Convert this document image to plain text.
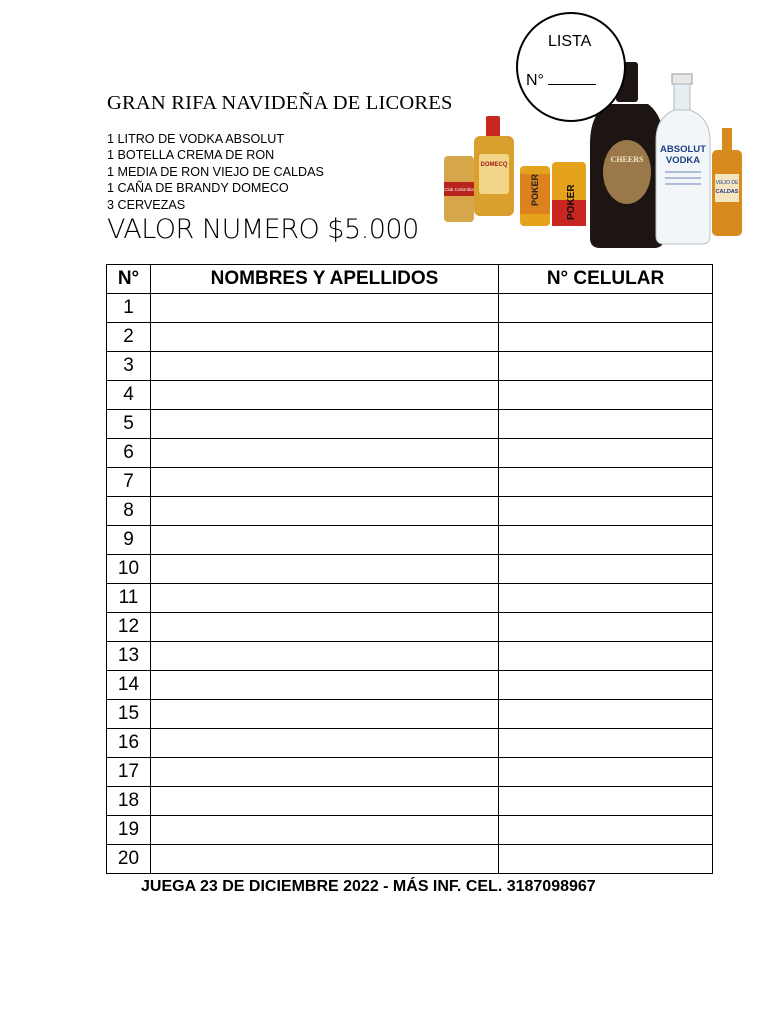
GRAN RIFA NAVIDEÑA DE LICORES
1 LITRO DE VODKA ABSOLUT
1 BOTELLA CREMA DE RON
1 MEDIA DE RON VIEJO DE CALDAS
1 CAÑA DE BRANDY DOMECO
3 CERVEZAS
VALOR NUMERO $5.000
Club Colombia
DOMECQ
POKER	POKER
CHEERS
ABSOLUT
VODKA
VIEJO DE
CALDAS
LISTA
N°
N°	NOMBRES Y APELLIDOS	N° CELULAR
1		
2		
3		
4		
5		
6		
7		
8		
9		
10		
11		
12		
13		
14		
15		
16		
17		
18		
19		
20		
JUEGA 23 DE DICIEMBRE 2022 - MÁS INF. CEL. 3187098967
